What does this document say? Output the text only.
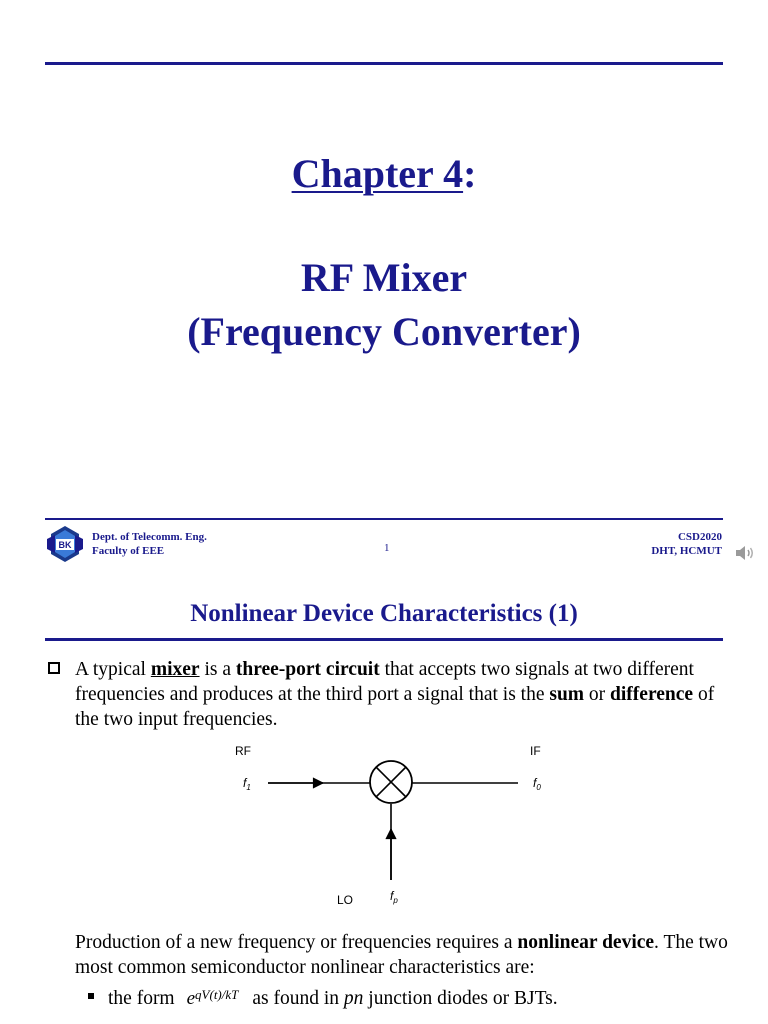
Chapter 4:
RF Mixer
(Frequency Converter)
BK
Dept. of Telecomm. Eng.
Faculty of EEE	1
CSD2020
DHT, HCMUT
Nonlinear Device Characteristics (1)
A typical mixer is a three-port circuit that accepts two signals at two different frequencies and produces at the third port a signal that is the sum or difference of the two input frequencies.
RF	IF
$f_1$	$f_0$
LO	$f_p$
Production of a new frequency or frequencies requires a nonlinear device. The two most common semiconductor nonlinear characteristics are:
the form $e^{qV(t)/kT}$ as found in pn junction diodes or BJTs.
